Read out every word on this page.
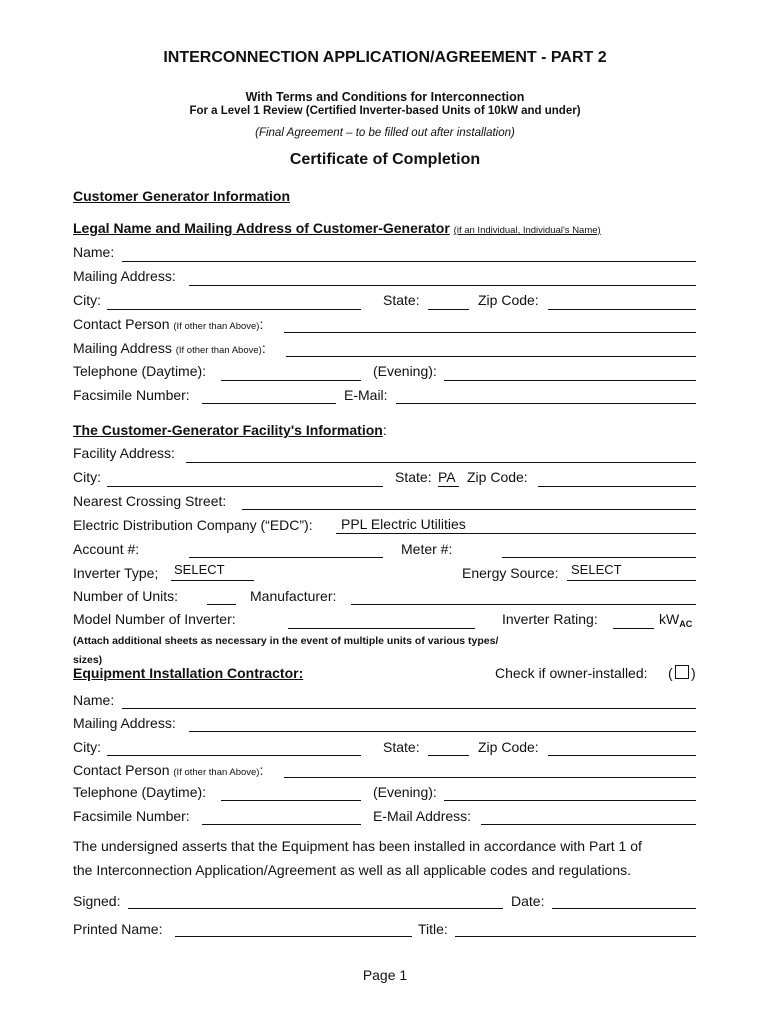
INTERCONNECTION APPLICATION/AGREEMENT - PART 2
With Terms and Conditions for Interconnection
For a Level 1 Review (Certified Inverter-based Units of 10kW and under)
(Final Agreement – to be filled out after installation)
Certificate of Completion
Customer Generator Information
Legal Name and Mailing Address of Customer-Generator (if an Individual, Individual's Name)
Name:
Mailing Address:
City:	State:	Zip Code:
Contact Person (If other than Above):
Mailing Address (If other than Above):
Telephone (Daytime):	(Evening):
Facsimile Number:	E-Mail:
The Customer-Generator Facility's Information:
Facility Address:
City:	State: PA Zip Code:
Nearest Crossing Street:
Electric Distribution Company (“EDC”): PPL Electric Utilities
Account #:	Meter #:
Inverter Type; SELECT	Energy Source: SELECT
Number of Units:	Manufacturer:
Model Number of Inverter:	Inverter Rating:	$kW_{AC}$
(Attach additional sheets as necessary in the event of multiple units of various types/
sizes)
Equipment Installation Contractor:	Check if owner-installed: ( )
Name:
Mailing Address:
City:	State:	Zip Code:
Contact Person (If other than Above):
Telephone (Daytime):	(Evening):
Facsimile Number:	E-Mail Address:
The undersigned asserts that the Equipment has been installed in accordance with Part 1 of
the Interconnection Application/Agreement as well as all applicable codes and regulations.
Signed:	Date:
Printed Name:	Title:
Page 1
